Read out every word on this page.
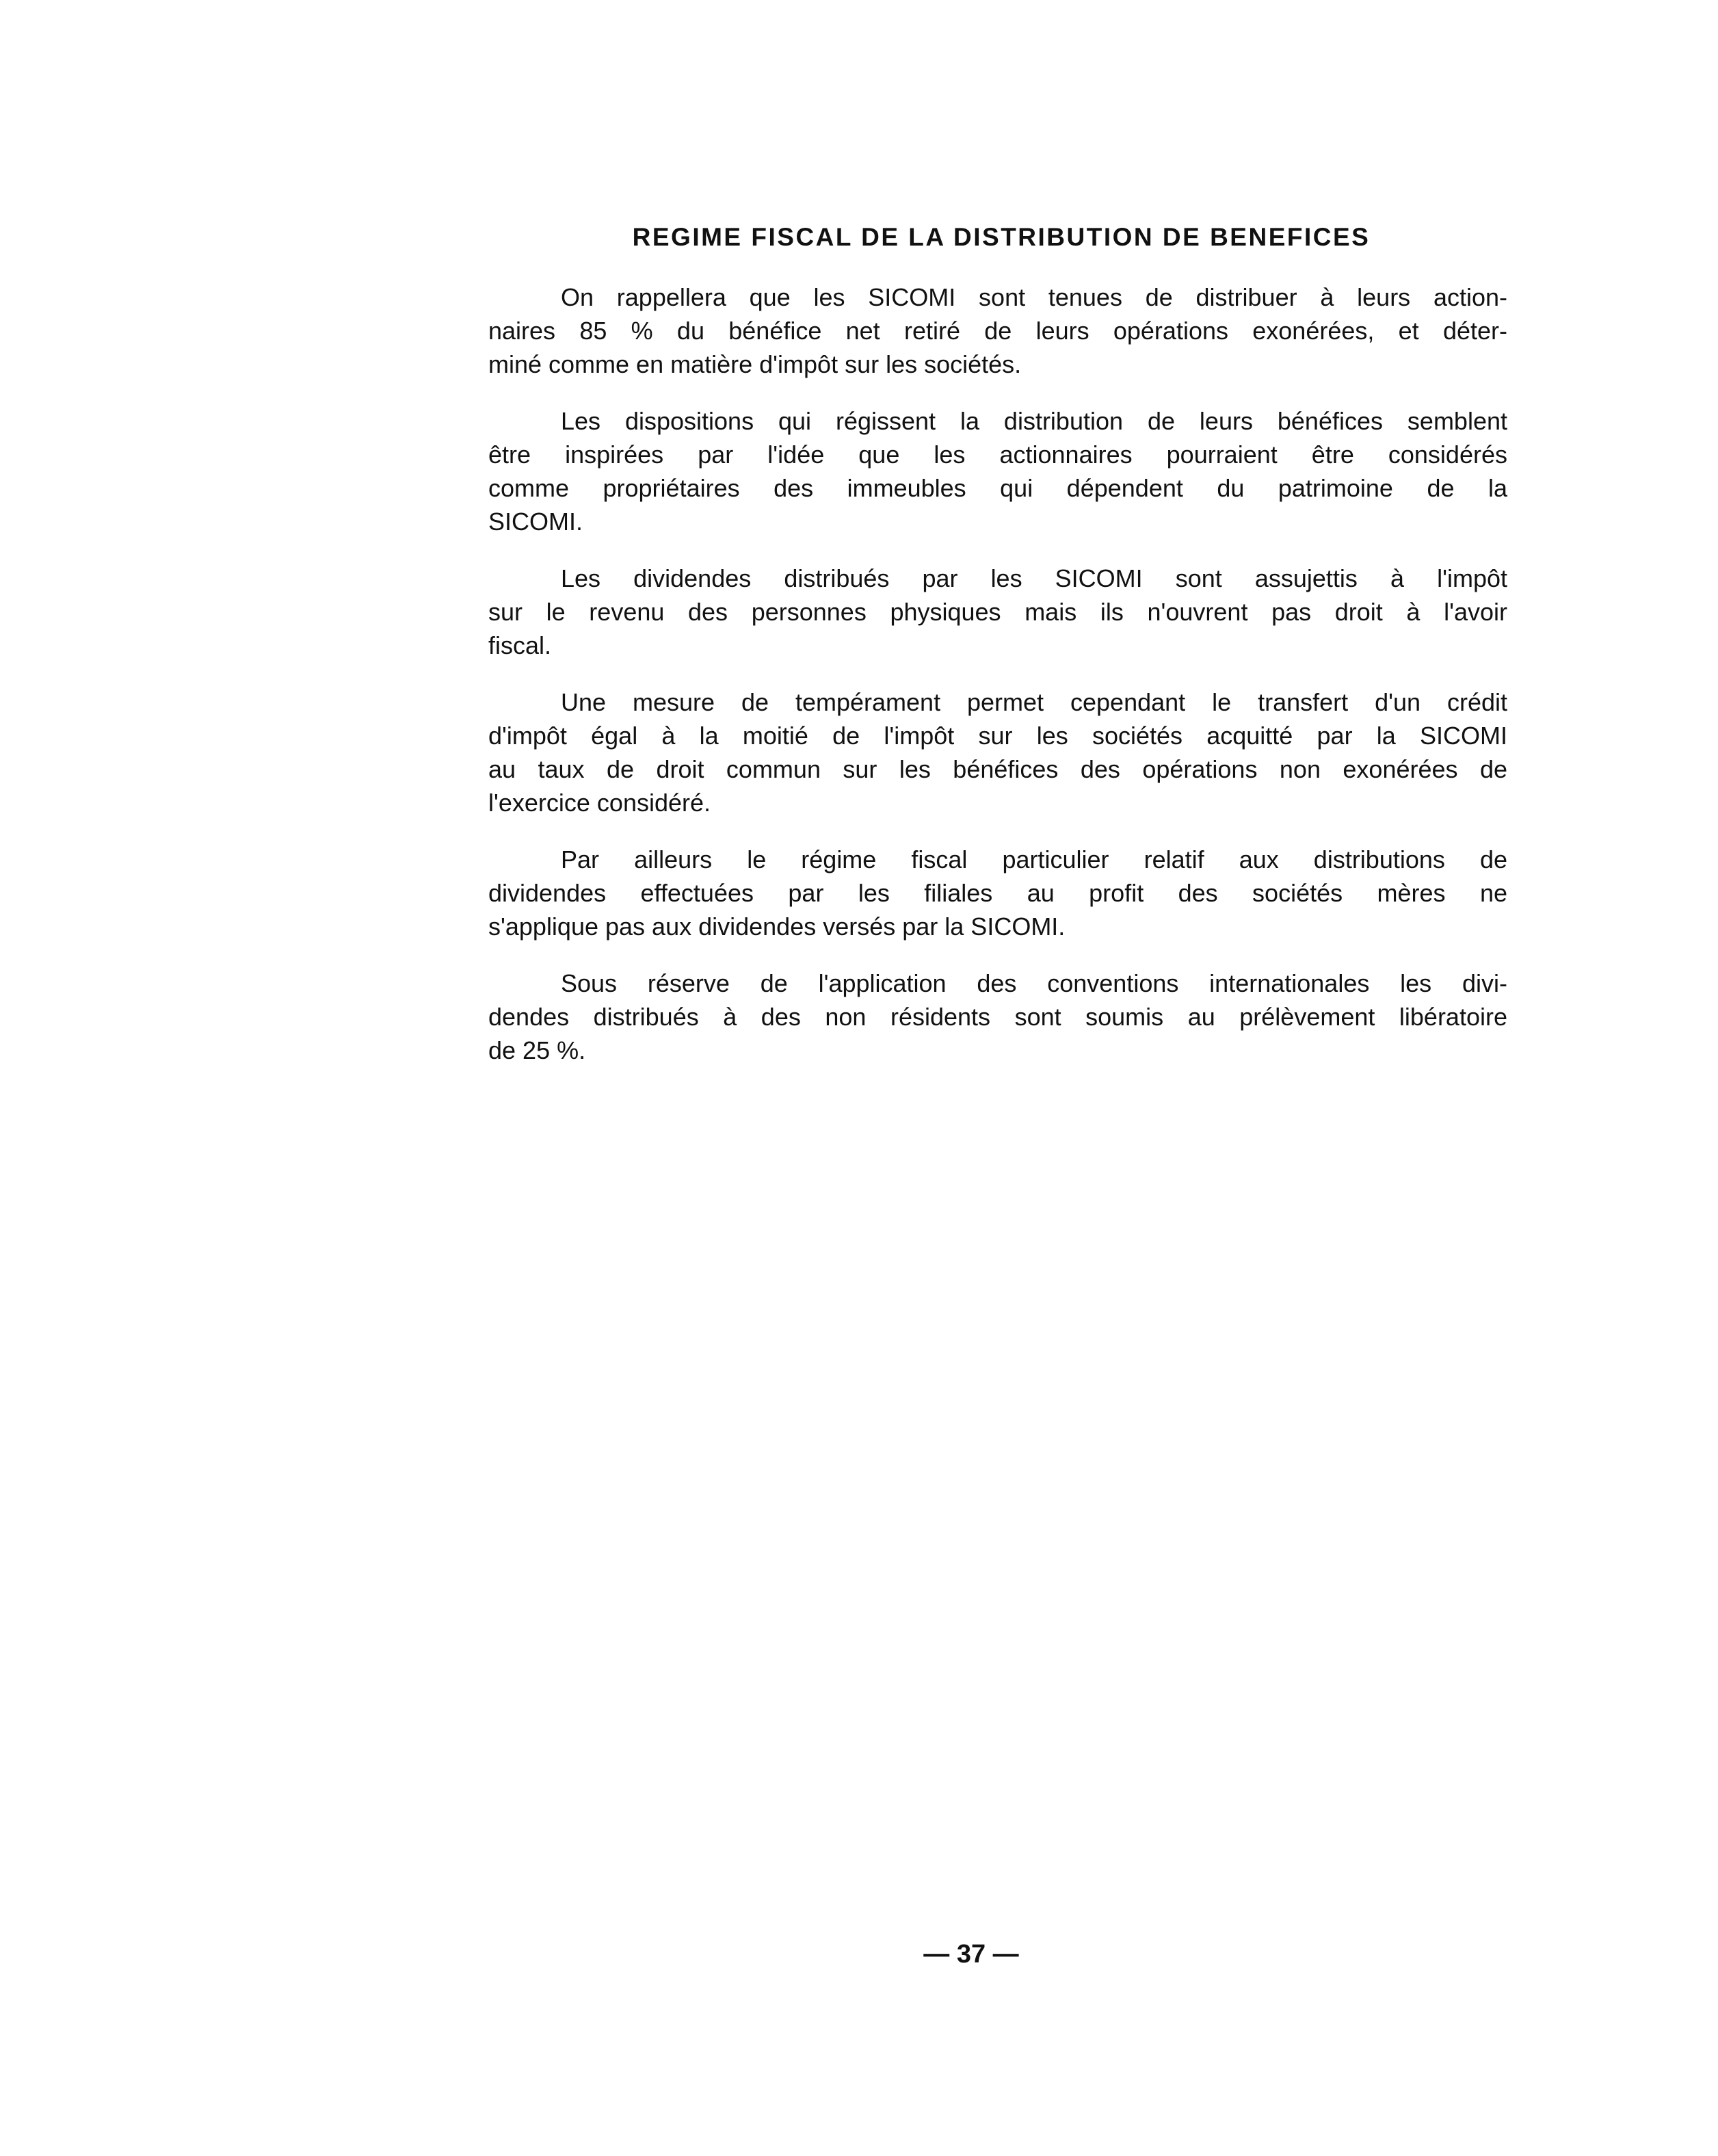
REGIME FISCAL DE LA DISTRIBUTION DE BENEFICES
On rappellera que les SICOMI sont tenues de distribuer à leurs action-
naires 85 % du bénéfice net retiré de leurs opérations exonérées, et déter-
miné comme en matière d'impôt sur les sociétés.
Les dispositions qui régissent la distribution de leurs bénéfices semblent
être inspirées par l'idée que les actionnaires pourraient être considérés
comme propriétaires des immeubles qui dépendent du patrimoine de la
SICOMI.
Les dividendes distribués par les SICOMI sont assujettis à l'impôt
sur le revenu des personnes physiques mais ils n'ouvrent pas droit à l'avoir
fiscal.
Une mesure de tempérament permet cependant le transfert d'un crédit
d'impôt égal à la moitié de l'impôt sur les sociétés acquitté par la SICOMI
au taux de droit commun sur les bénéfices des opérations non exonérées de
l'exercice considéré.
Par ailleurs le régime fiscal particulier relatif aux distributions de
dividendes effectuées par les filiales au profit des sociétés mères ne
s'applique pas aux dividendes versés par la SICOMI.
Sous réserve de l'application des conventions internationales les divi-
dendes distribués à des non résidents sont soumis au prélèvement libératoire
de 25 %.
— 37 —
